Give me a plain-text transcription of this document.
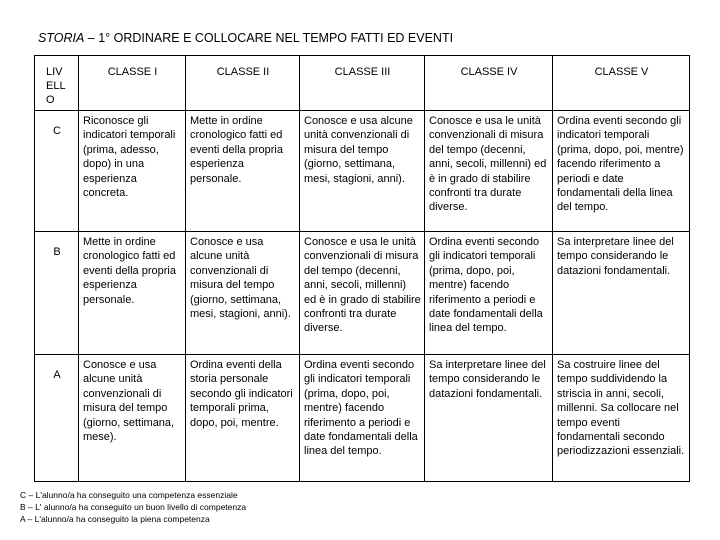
STORIA – 1° ORDINARE E COLLOCARE NEL TEMPO FATTI ED EVENTI
LIV ELL O	CLASSE I	CLASSE II	CLASSE III	CLASSE IV	CLASSE V
C	Riconosce gli indicatori temporali (prima, adesso, dopo) in una esperienza concreta.	Mette in ordine cronologico fatti ed eventi della propria esperienza personale.	Conosce e usa alcune unità convenzionali di misura del tempo (giorno, settimana, mesi, stagioni, anni).	Conosce e usa le unità convenzionali di misura del tempo (decenni, anni, secoli, millenni) ed è in grado di stabilire confronti tra durate diverse.	Ordina eventi secondo gli indicatori temporali (prima, dopo, poi, mentre) facendo riferimento a periodi e date fondamentali della linea del tempo.
B	Mette in ordine cronologico fatti ed eventi della propria esperienza personale.	Conosce e usa alcune unità convenzionali di misura del tempo (giorno, settimana, mesi, stagioni, anni).	Conosce e usa le unità convenzionali di misura del tempo (decenni, anni, secoli, millenni) ed è in grado di stabilire confronti tra durate diverse.	Ordina eventi secondo gli indicatori temporali (prima, dopo, poi, mentre) facendo riferimento a periodi e date fondamentali della linea del tempo.	Sa interpretare linee del tempo considerando le datazioni fondamentali.
A	Conosce e usa alcune unità convenzionali di misura del tempo (giorno, settimana, mese).	Ordina eventi della storia personale secondo gli indicatori temporali prima, dopo, poi, mentre.	Ordina eventi secondo gli indicatori temporali (prima, dopo, poi, mentre) facendo riferimento a periodi e date fondamentali della linea del tempo.	Sa interpretare linee del tempo considerando le datazioni fondamentali.	Sa costruire linee del tempo suddividendo la striscia in anni, secoli, millenni. Sa collocare nel tempo eventi fondamentali secondo periodizzazioni essenziali.
C – L'alunno/a ha conseguito una competenza essenziale
B – L' alunno/a ha conseguito un buon livello di competenza
A – L'alunno/a ha conseguito la piena competenza
